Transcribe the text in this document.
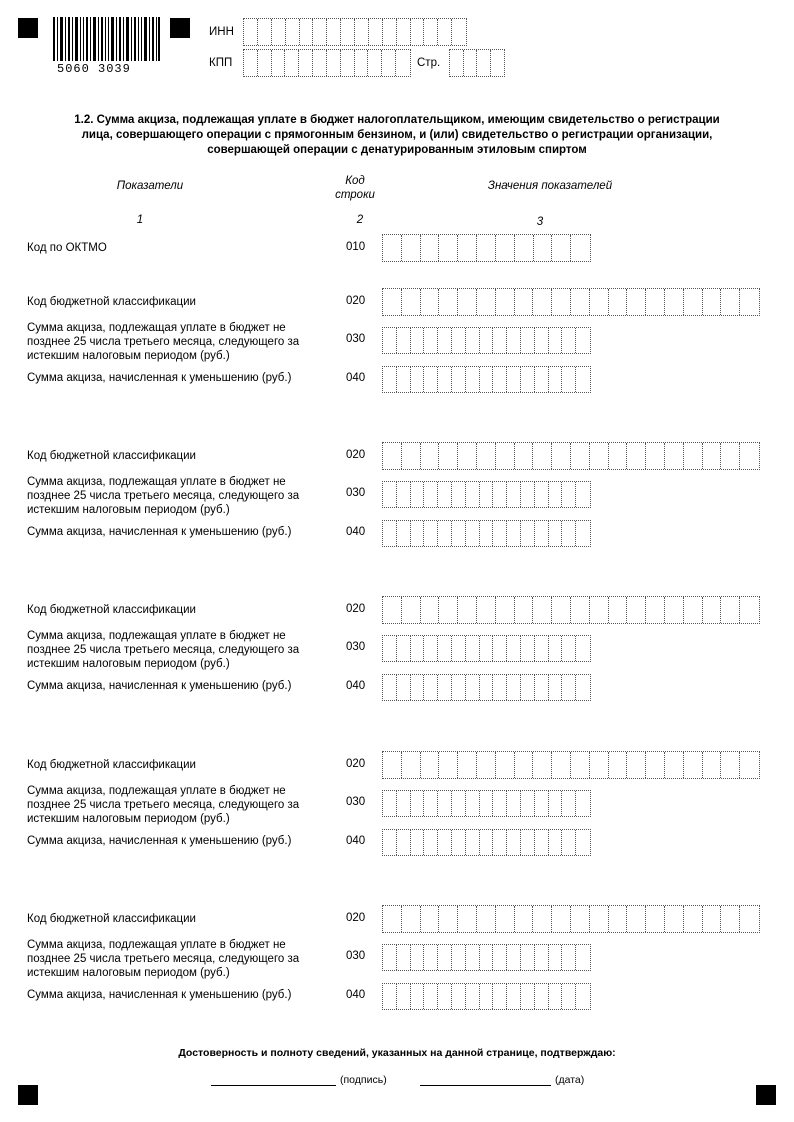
5060 3039
ИНН
КПП	Стр.
1.2. Сумма акциза, подлежащая уплате в бюджет налогоплательщиком, имеющим свидетельство о регистрации
лица, совершающего операции с прямогонным бензином, и (или) свидетельство о регистрации организации,
совершающей операции с денатурированным этиловым спиртом
Показатели	Код
строки
Значения показателей
1	2	3
Код по ОКТМО	010
Код бюджетной классификации	020
Сумма акциза, подлежащая уплате в бюджет не
позднее 25 числа третьего месяца, следующего за
истекшим налоговым периодом (руб.)
030
Сумма акциза, начисленная к уменьшению (руб.)	040
Код бюджетной классификации	020
Сумма акциза, подлежащая уплате в бюджет не
позднее 25 числа третьего месяца, следующего за
истекшим налоговым периодом (руб.)
030
Сумма акциза, начисленная к уменьшению (руб.)	040
Код бюджетной классификации	020
Сумма акциза, подлежащая уплате в бюджет не
позднее 25 числа третьего месяца, следующего за
истекшим налоговым периодом (руб.)
030
Сумма акциза, начисленная к уменьшению (руб.)	040
Код бюджетной классификации	020
Сумма акциза, подлежащая уплате в бюджет не
позднее 25 числа третьего месяца, следующего за
истекшим налоговым периодом (руб.)
030
Сумма акциза, начисленная к уменьшению (руб.)	040
Код бюджетной классификации	020
Сумма акциза, подлежащая уплате в бюджет не
позднее 25 числа третьего месяца, следующего за
истекшим налоговым периодом (руб.)
030
Сумма акциза, начисленная к уменьшению (руб.)	040
Достоверность и полноту сведений, указанных на данной странице, подтверждаю:
(подпись)	(дата)
